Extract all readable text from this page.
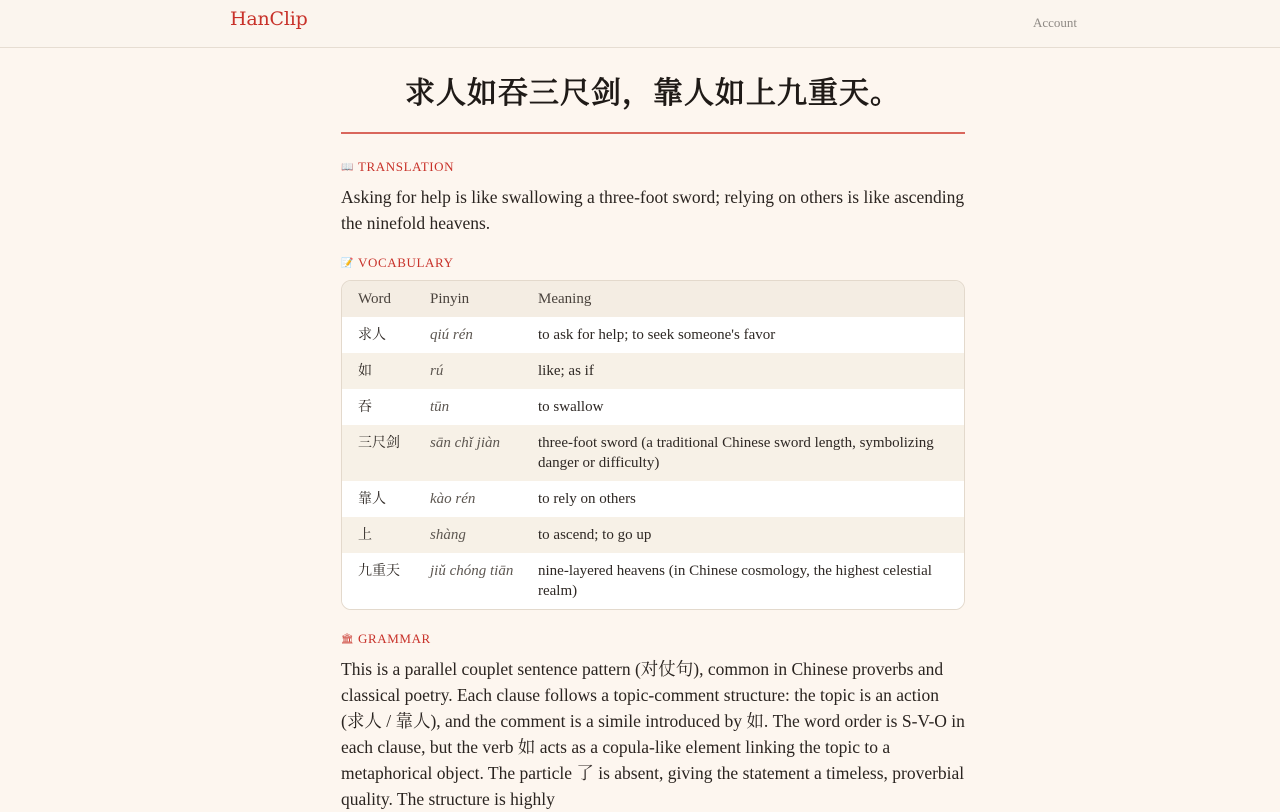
HanClip	Account
求人如吞三尺剑，靠人如上九重天。
📖 TRANSLATION
Asking for help is like swallowing a three-foot sword; relying on others is like ascending the ninefold heavens.
📝 VOCABULARY
Word	Pinyin	Meaning
求人	qiú rén	to ask for help; to seek someone's favor
如	rú	like; as if
吞	tūn	to swallow
三尺剑	sān chǐ jiàn	three-foot sword (a traditional Chinese sword length, symbolizing danger or difficulty)
靠人	kào rén	to rely on others
上	shàng	to ascend; to go up
九重天	jiǔ chóng tiān	nine-layered heavens (in Chinese cosmology, the highest celestial realm)
🏛 GRAMMAR
This is a parallel couplet sentence pattern (对仗句), common in Chinese proverbs and classical poetry. Each clause follows a topic-comment structure: the topic is an action (求人 / 靠人), and the comment is a simile introduced by 如. The word order is S-V-O in each clause, but the verb 如 acts as a copula-like element linking the topic to a metaphorical object. The particle 了 is absent, giving the statement a timeless, proverbial quality. The structure is highly
